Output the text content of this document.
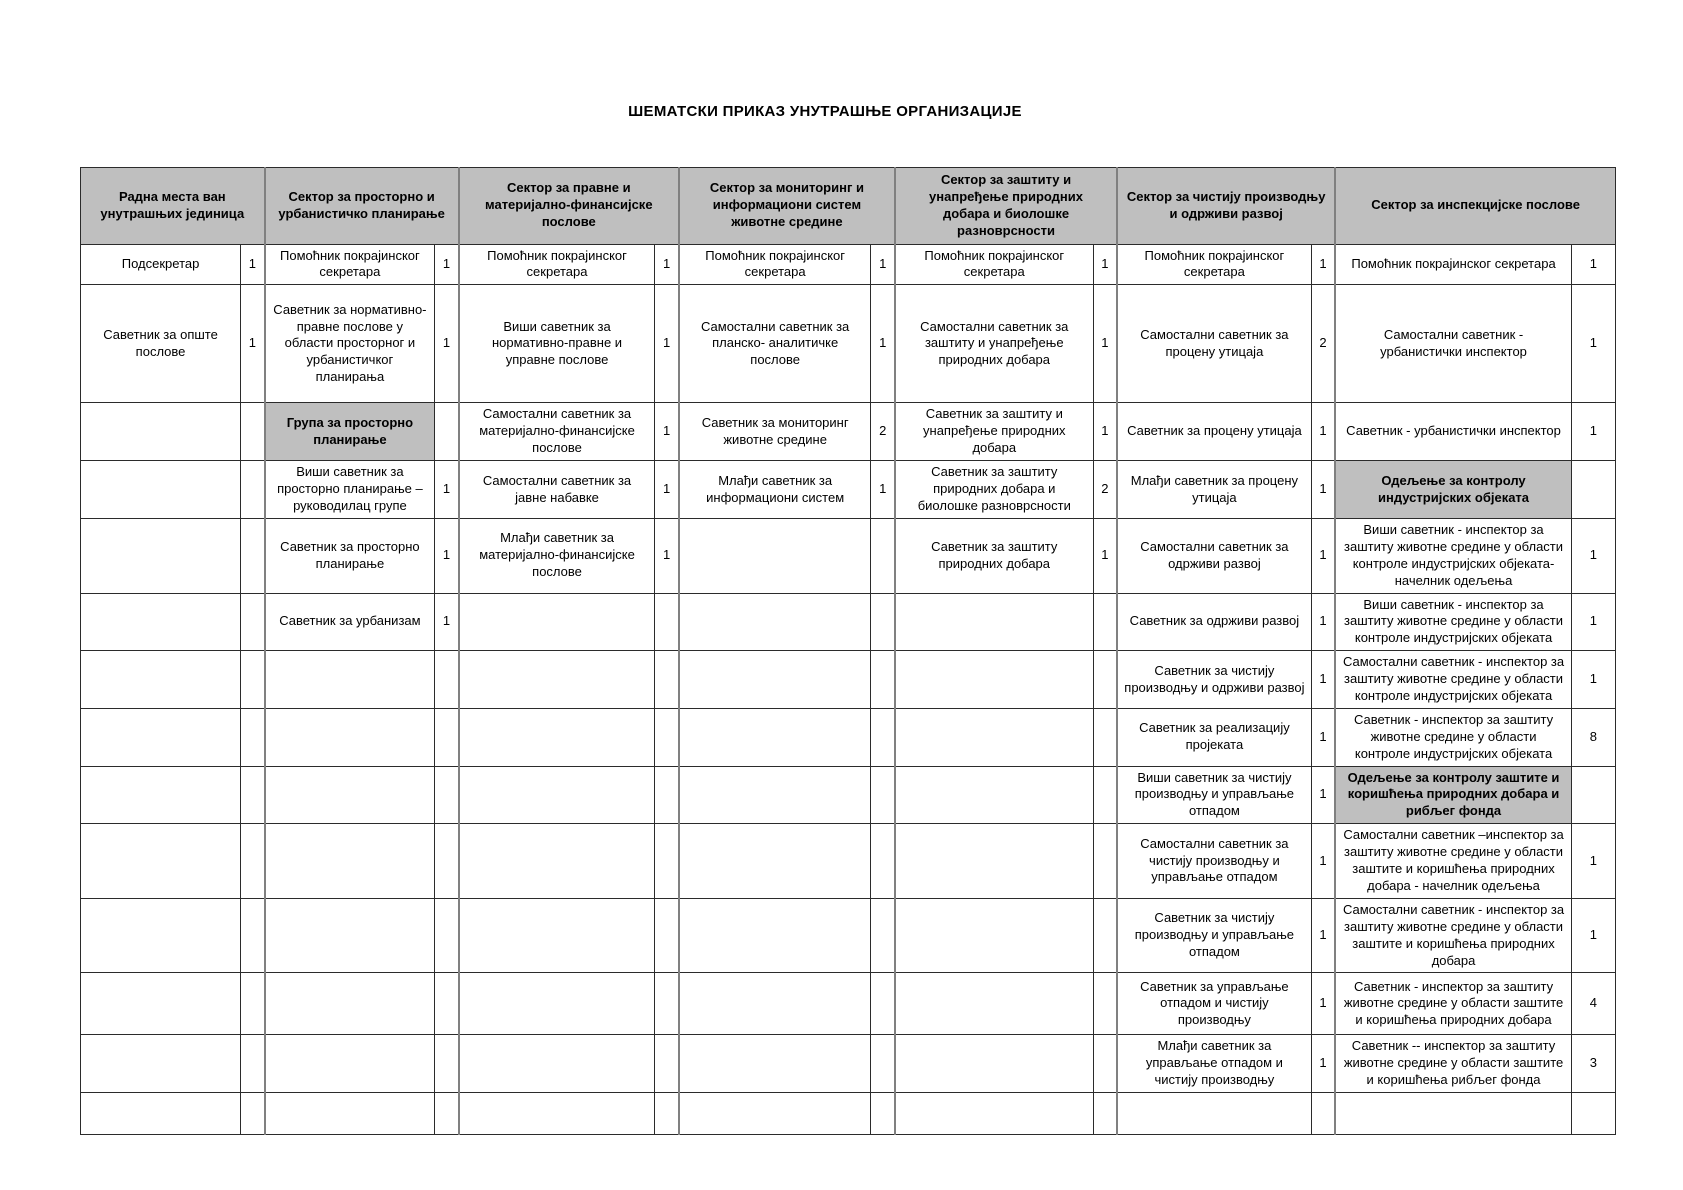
ШЕМАТСКИ ПРИКАЗ УНУТРАШЊЕ ОРГАНИЗАЦИЈЕ
Радна места ван унутрашњих јединица		Сектор за просторно и урбанистичко планирање		Сектор за правне и материјално-финансијске послове		Сектор за мониторинг и информациони систем животне средине		Сектор за заштиту и унапређење природних добара и биолошке разноврсности		Сектор за чистију производњу и одрживи развој		Сектор за инспекцијске послове	
Подсекретар	1	Помоћник покрајинског секретара	1	Помоћник покрајинског секретара	1	Помоћник покрајинског секретара	1	Помоћник покрајинског секретара	1	Помоћник покрајинског секретара	1	Помоћник покрајинског секретара	1
Саветник за опште послове	1	Саветник за нормативно- правне послове у области просторног и урбанистичког планирања	1	Виши саветник за нормативно-правне и управне послове	1	Самостални саветник за планско- аналитичке послове	1	Самостални саветник за заштиту и унапређење природних добара	1	Самостални саветник за процену утицаја	2	Самостални саветник - урбанистички инспектор	1
		Група за просторно планирање		Самостални саветник за материјално-финансијске послове	1	Саветник за мониторинг животне средине	2	Саветник за заштиту и унапређење природних добара	1	Саветник за процену утицаја	1	Саветник - урбанистички инспектор	1
		Виши саветник за просторно планирање – руководилац групе	1	Самостални саветник за јавне набавке	1	Млађи саветник за информациони систем	1	Саветник за заштиту природних добара и биолошке разноврсности	2	Млађи саветник за процену утицаја	1	Одељење за контролу индустријских објеката	
		Саветник за просторно планирање	1	Млађи саветник за материјално-финансијске послове	1			Саветник за заштиту природних добара	1	Самостални саветник за одрживи развој	1	Виши саветник - инспектор за заштиту животне средине у области контроле индустријских објеката-начелник одељења	1
		Саветник за урбанизам	1							Саветник за одрживи развој	1	Виши саветник - инспектор за заштиту животне средине у области контроле индустријских објеката	1
										Саветник за чистију производњу и одрживи развој	1	Самостални саветник - инспектор за заштиту животне средине у области контроле индустријских објеката	1
										Саветник за реализацију пројеката	1	Саветник - инспектор за заштиту животне средине у области контроле индустријских објеката	8
										Виши саветник за чистију производњу и управљање отпадом	1	Одељење за контролу заштите и коришћења природних добара и рибљег фонда	
										Самостални саветник за чистију производњу и управљање отпадом	1	Самостални саветник –инспектор за заштиту животне средине у области заштите и коришћења природних добара - начелник одељења	1
										Саветник за чистију производњу и управљање отпадом	1	Самостални саветник - инспектор за заштиту животне средине у области заштите и коришћења природних добара	1
										Саветник за управљање отпадом и чистију производњу	1	Саветник - инспектор за заштиту животне средине у области заштите и коришћења природних добара	4
										Млађи саветник за управљање отпадом и чистију производњу	1	Саветник -- инспектор за заштиту животне средине у области заштите и коришћења рибљег фонда	3
